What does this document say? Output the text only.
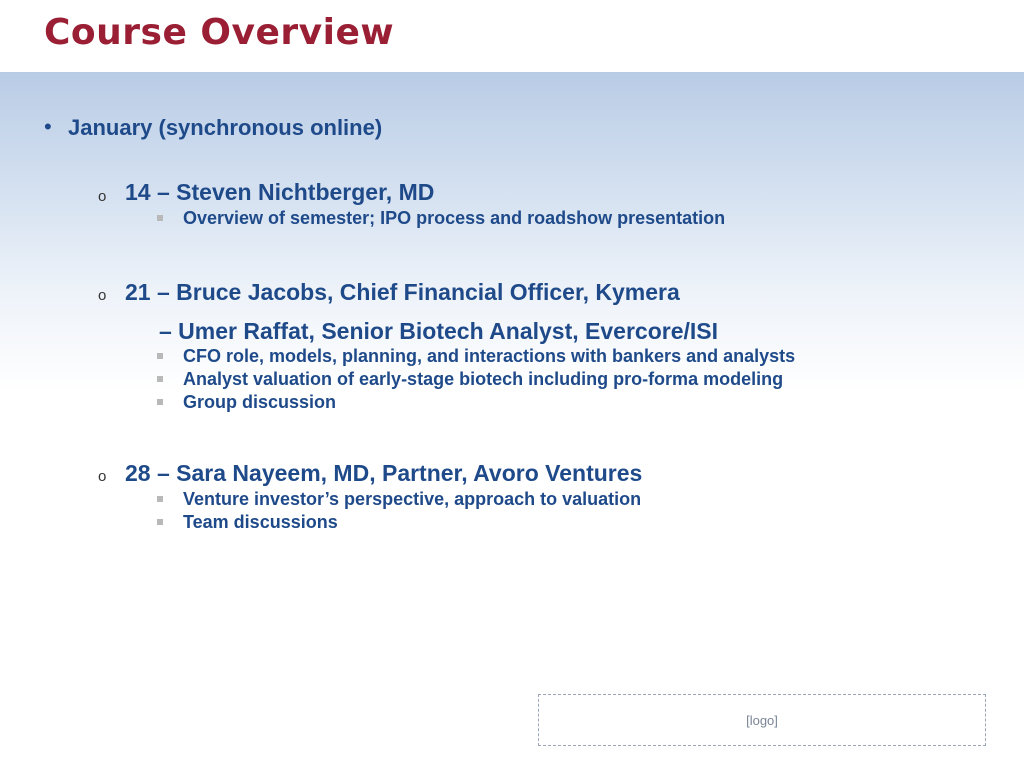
Course Overview
• January (synchronous online)
o 14 – Steven Nichtberger, MD
Overview of semester; IPO process and roadshow presentation
o 21 – Bruce Jacobs, Chief Financial Officer, Kymera
– Umer Raffat, Senior Biotech Analyst, Evercore/ISI
CFO role, models, planning, and interactions with bankers and analysts
Analyst valuation of early-stage biotech including pro-forma modeling
Group discussion
o 28 – Sara Nayeem, MD, Partner, Avoro Ventures
Venture investor’s perspective, approach to valuation
Team discussions
[logo]
